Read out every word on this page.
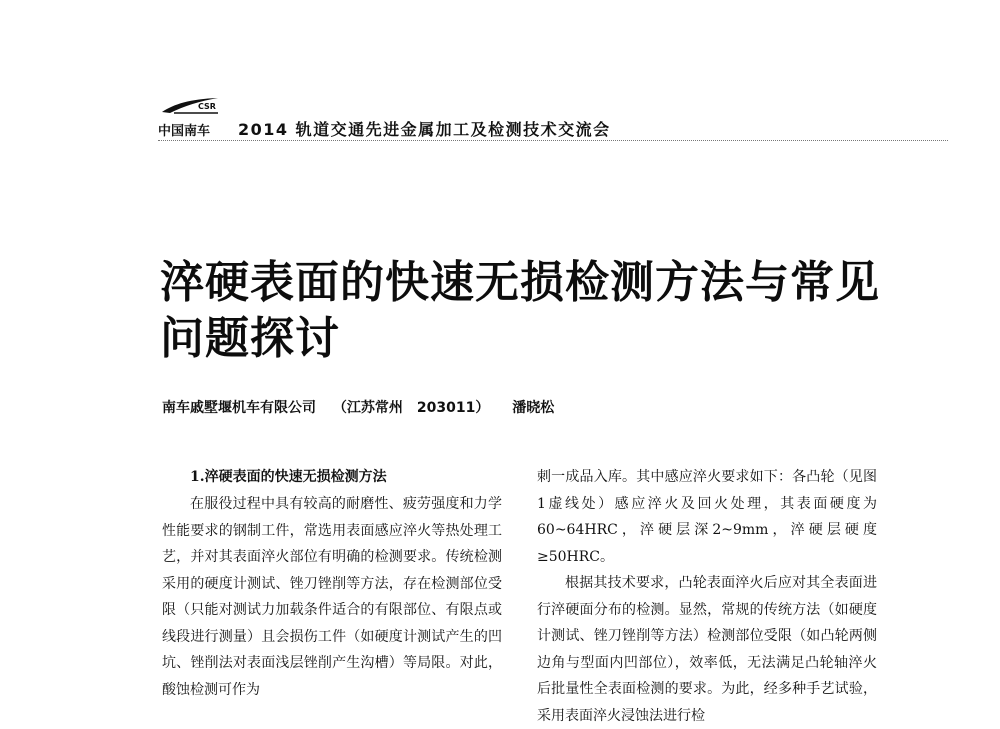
CSR
中国南车 2014 轨道交通先进金属加工及检测技术交流会
淬硬表面的快速无损检测方法与常见
问题探讨
南车戚墅堰机车有限公司 （江苏常州　203011） 潘晓松
1.淬硬表面的快速无损检测方法

在服役过程中具有较高的耐磨性、疲劳强度和力学性能要求的钢制工件，常选用表面感应淬火等热处理工艺，并对其表面淬火部位有明确的检测要求。传统检测采用的硬度计测试、锉刀锉削等方法，存在检测部位受限（只能对测试力加载条件适合的有限部位、有限点或线段进行测量）且会损伤工件（如硬度计测试产生的凹坑、锉削法对表面浅层锉削产生沟槽）等局限。对此，酸蚀检测可作为

刺一成品入库。其中感应淬火要求如下：各凸轮（见图1虚线处）感应淬火及回火处理，其表面硬度为60~64HRC，淬硬层深2~9mm，淬硬层硬度≥50HRC。

根据其技术要求，凸轮表面淬火后应对其全表面进行淬硬面分布的检测。显然，常规的传统方法（如硬度计测试、锉刀锉削等方法）检测部位受限（如凸轮两侧边角与型面内凹部位），效率低，无法满足凸轮轴淬火后批量性全表面检测的要求。为此，经多种手艺试验，采用表面淬火浸蚀法进行检
